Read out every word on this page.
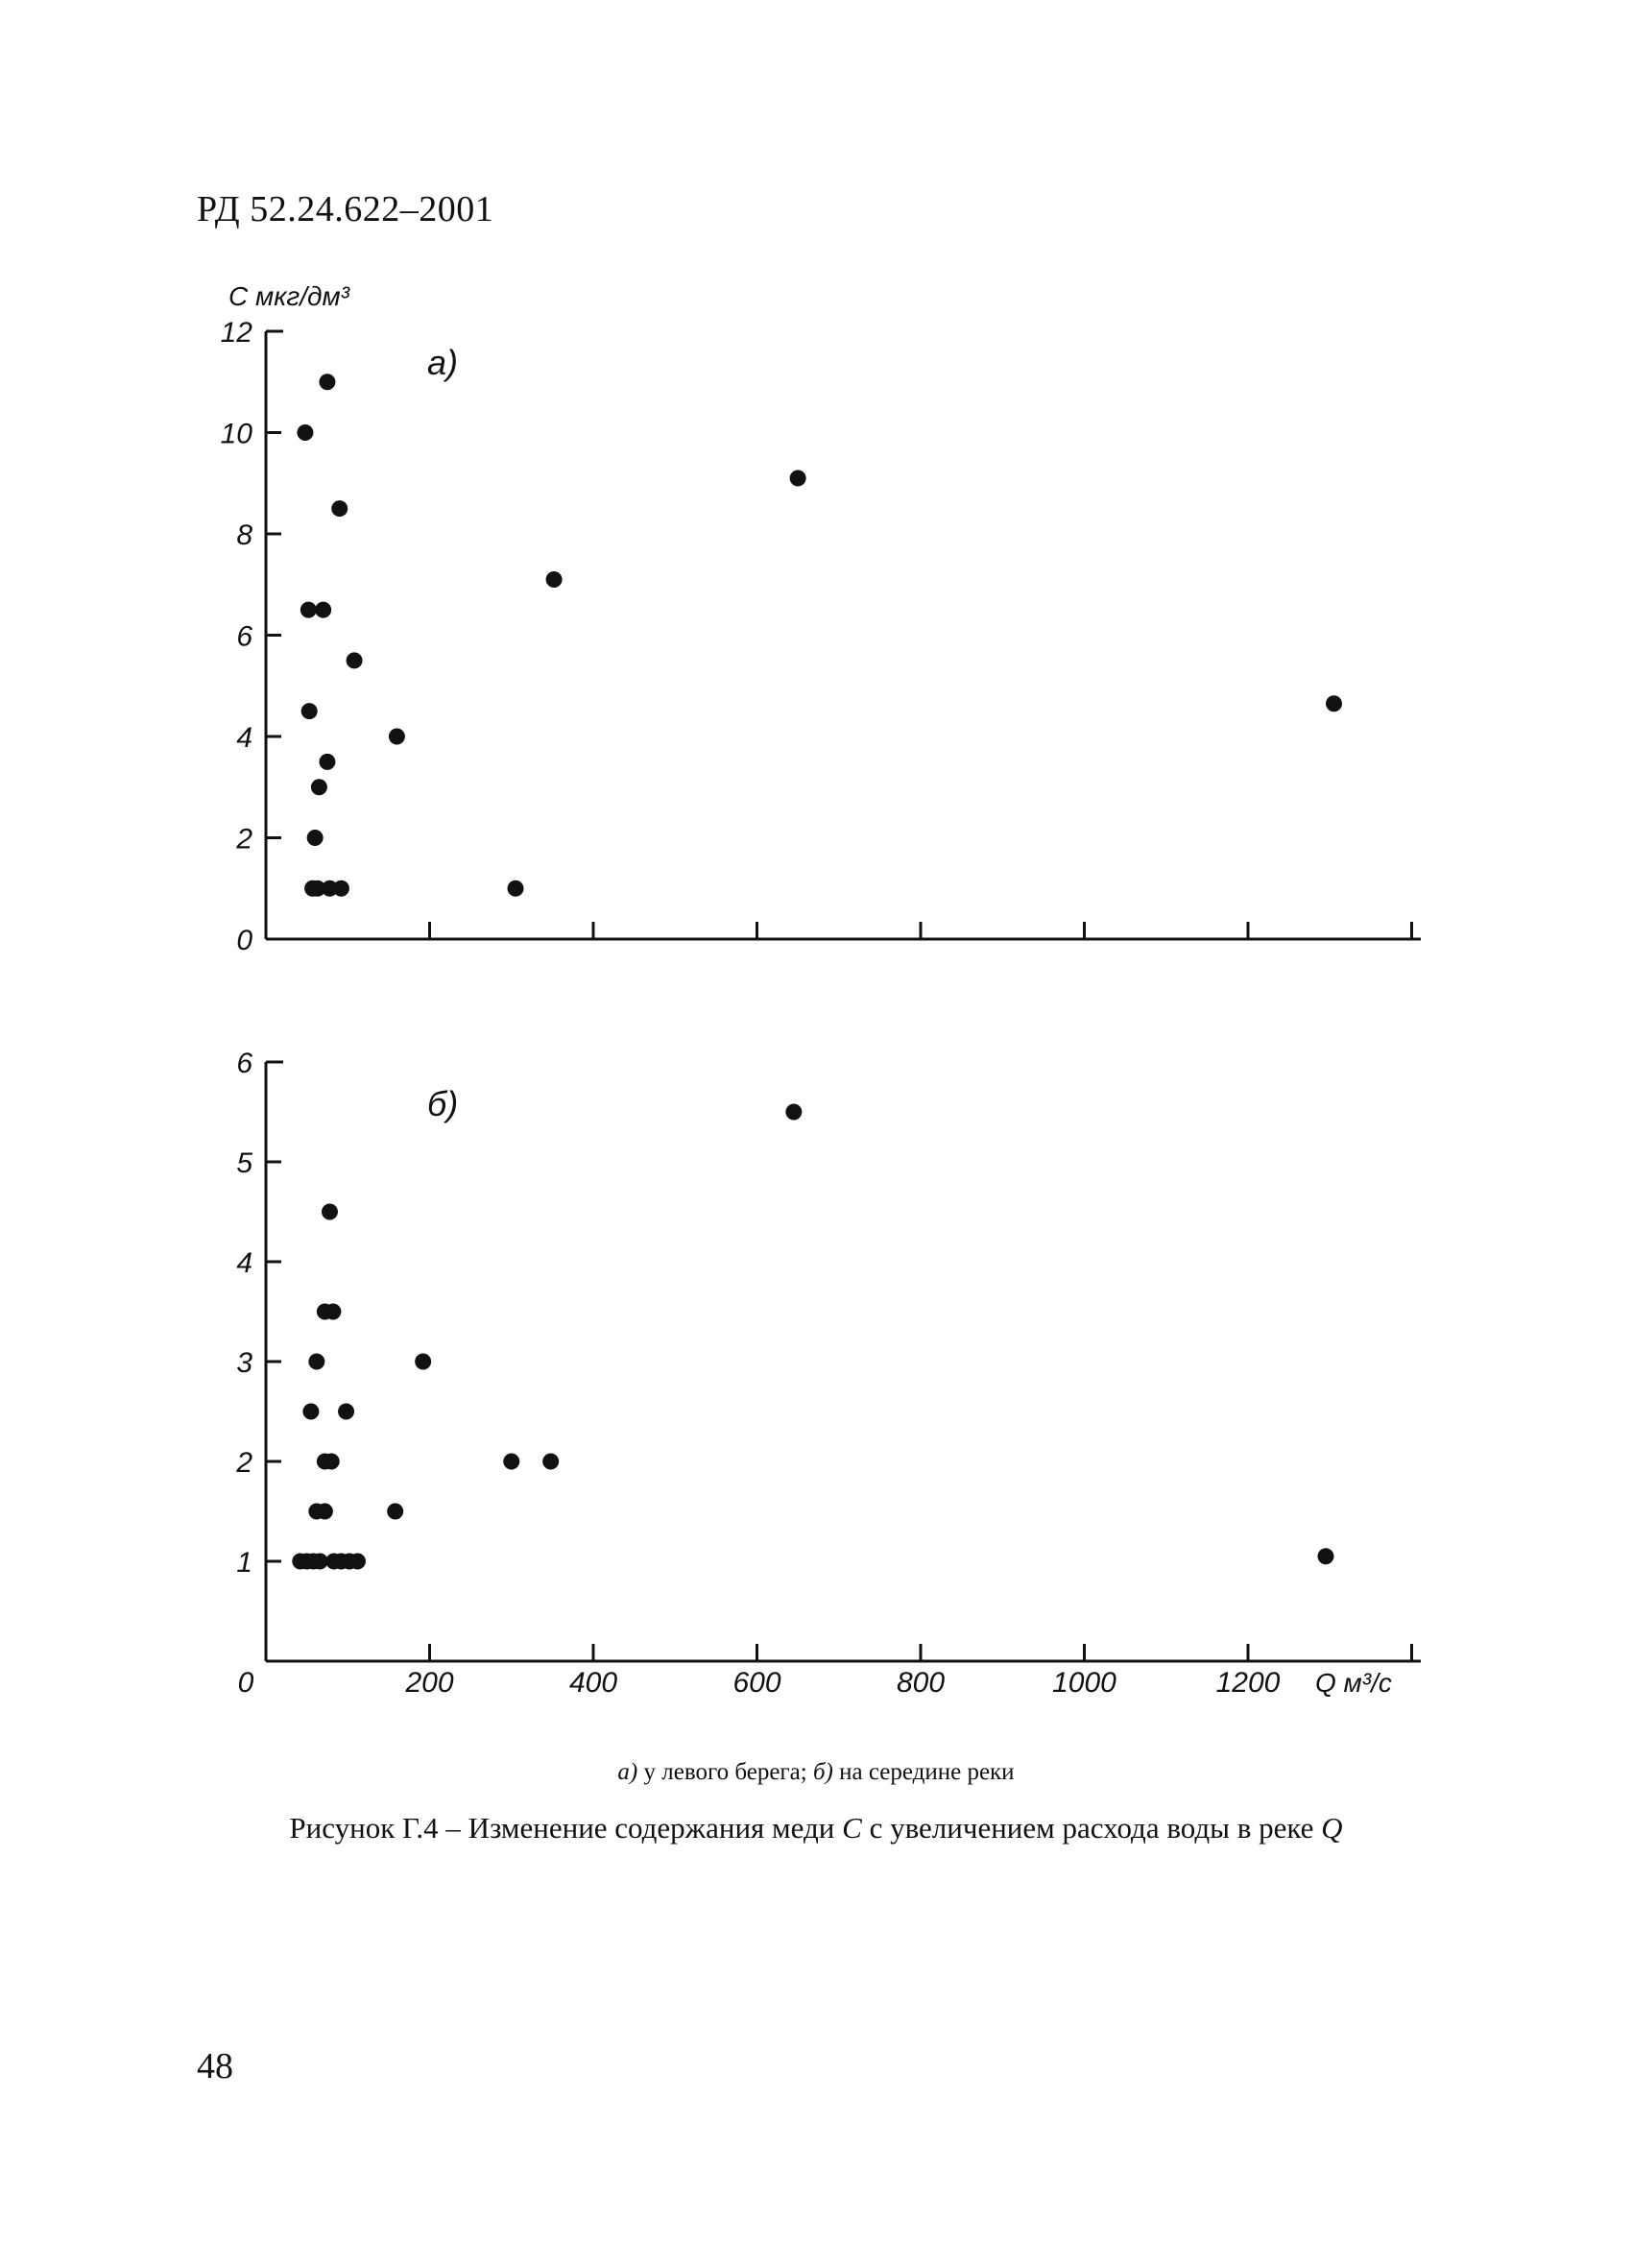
РД 52.24.622–2001
0
2
4
6
8
10
12
C мкг/дм³
а)
1
2
3
4
5
6
0	200	400	600	800	1000	1200 Q м³/с
б)
а) у левого берега; б) на середине реки
Рисунок Г.4 – Изменение содержания меди C с увеличением расхода воды в реке Q
48
